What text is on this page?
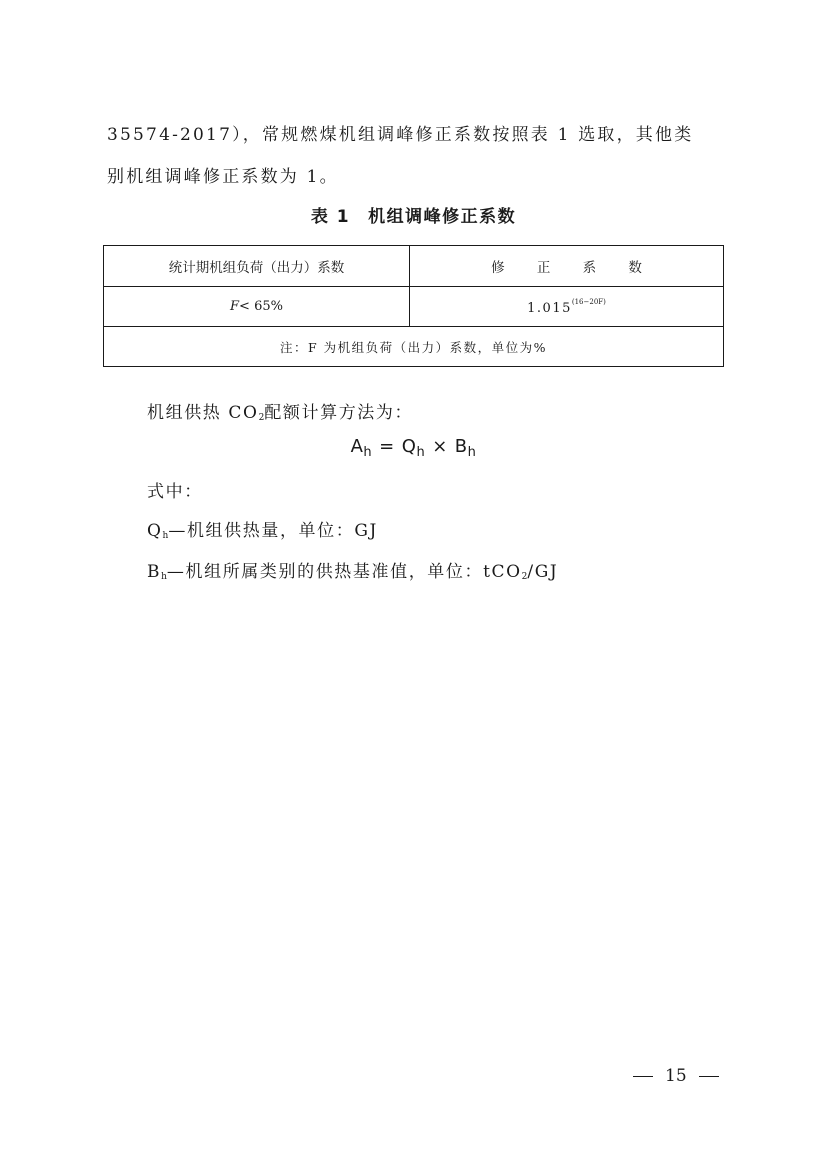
35574-2017），常规燃煤机组调峰修正系数按照表 1 选取，其他类
别机组调峰修正系数为 1。
表 1 机组调峰修正系数
统计期机组负荷（出力）系数	修 正 系 数
F< 65%	$1.015^{(16-20F)}$
注：F 为机组负荷（出力）系数，单位为%	
机组供热 $CO_2$配额计算方法为：
$A_h = Q_h \times B_h$
式中：
$Q_h—$机组供热量，单位：GJ
$B_h—$机组所属类别的供热基准值，单位：tCO$_2$/GJ
15
